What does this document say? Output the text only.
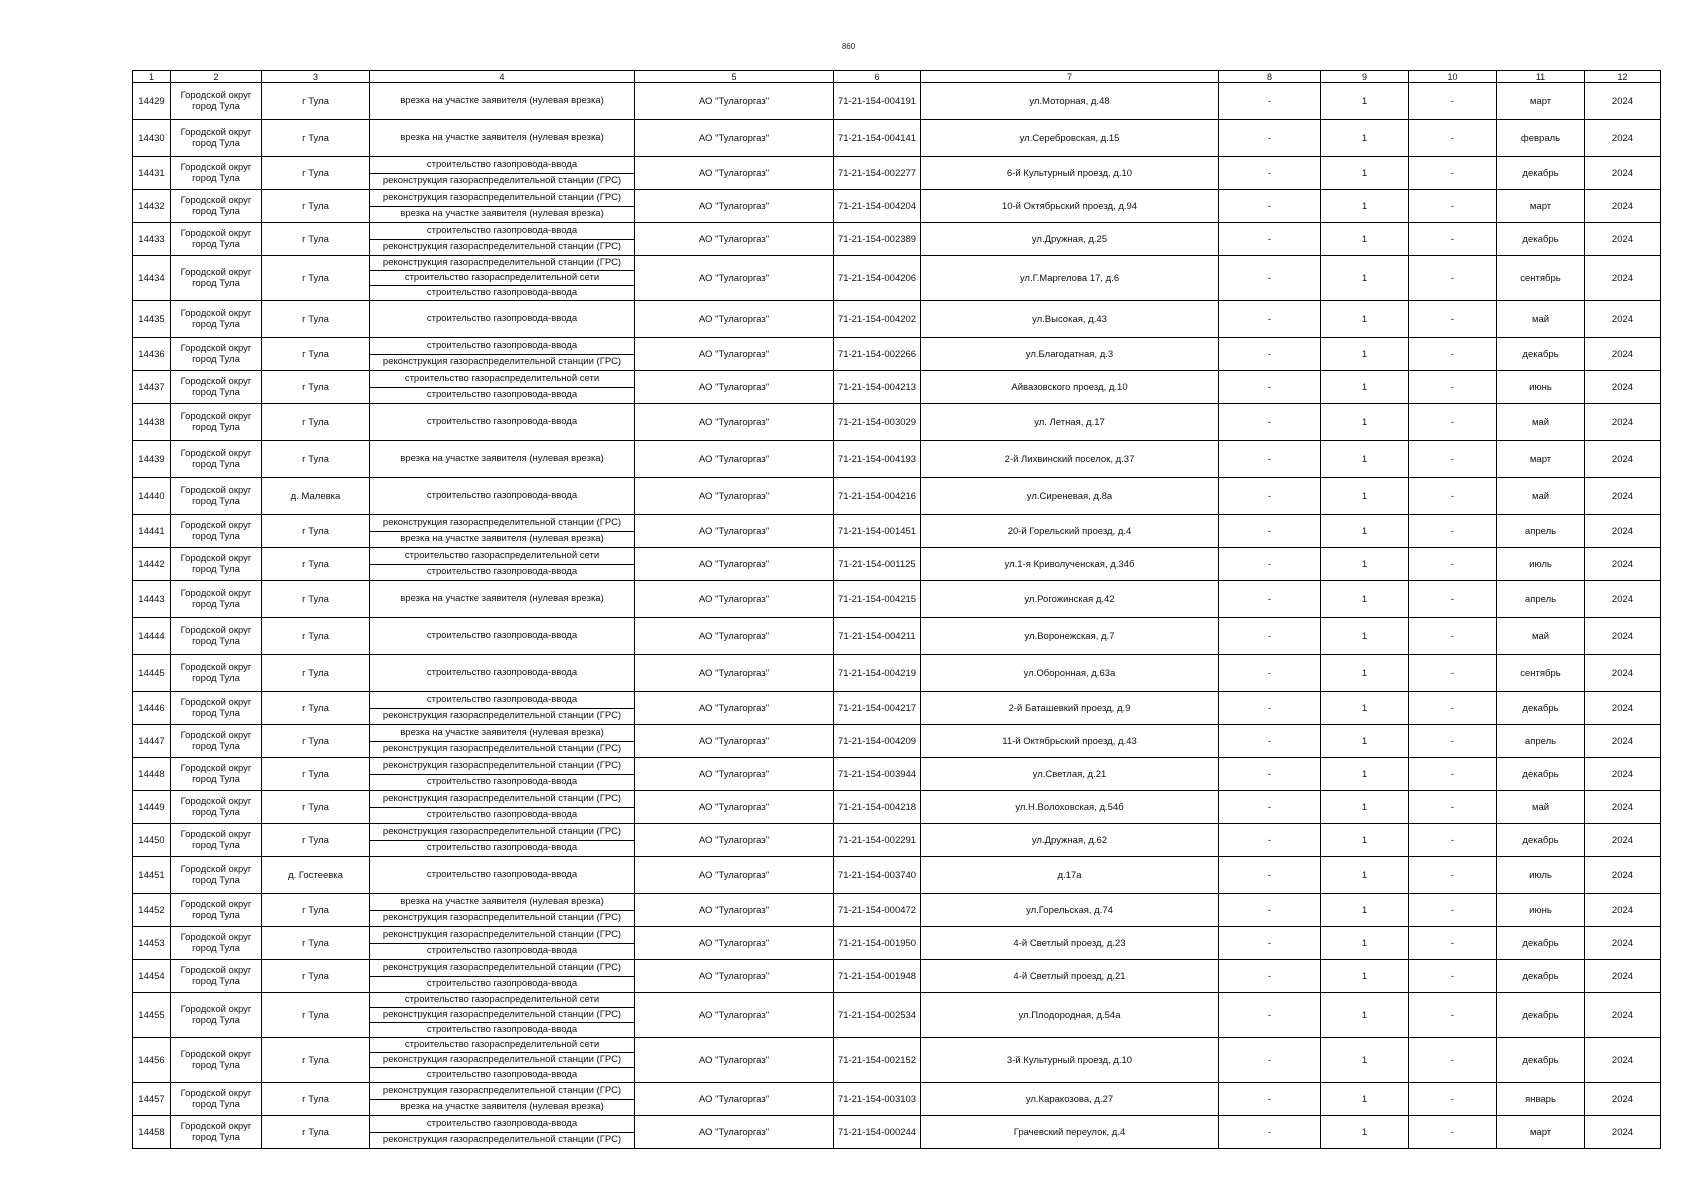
860
1	2	3	4	5	6	7	8	9	10	11	12
14429	Городской округ город Тула	г Тула	врезка на участке заявителя (нулевая врезка)	АО "Тулагоргаз"	71-21-154-004191	ул.Моторная, д.48	-	1	-	март	2024
14430	Городской округ город Тула	г Тула	врезка на участке заявителя (нулевая врезка)	АО "Тулагоргаз"	71-21-154-004141	ул.Серебровская, д.15	-	1	-	февраль	2024
14431	Городской округ город Тула	г Тула	строительство газопровода-ввода
реконструкция газораспределительной станции (ГРС)	АО "Тулагоргаз"	71-21-154-002277	6-й Культурный проезд, д.10	-	1	-	декабрь	2024
14432	Городской округ город Тула	г Тула	реконструкция газораспределительной станции (ГРС)
врезка на участке заявителя (нулевая врезка)	АО "Тулагоргаз"	71-21-154-004204	10-й Октябрьский проезд, д.94	-	1	-	март	2024
14433	Городской округ город Тула	г Тула	строительство газопровода-ввода
реконструкция газораспределительной станции (ГРС)	АО "Тулагоргаз"	71-21-154-002389	ул.Дружная, д.25	-	1	-	декабрь	2024
14434	Городской округ город Тула	г Тула	реконструкция газораспределительной станции (ГРС)
строительство газораспределительной сети
строительство газопровода-ввода	АО "Тулагоргаз"	71-21-154-004206	ул.Г.Маргелова 17, д.6	-	1	-	сентябрь	2024
14435	Городской округ город Тула	г Тула	строительство газопровода-ввода	АО "Тулагоргаз"	71-21-154-004202	ул.Высокая, д.43	-	1	-	май	2024
14436	Городской округ город Тула	г Тула	строительство газопровода-ввода
реконструкция газораспределительной станции (ГРС)	АО "Тулагоргаз"	71-21-154-002266	ул.Благодатная, д.3	-	1	-	декабрь	2024
14437	Городской округ город Тула	г Тула	строительство газораспределительной сети
строительство газопровода-ввода	АО "Тулагоргаз"	71-21-154-004213	Айвазовского проезд, д.10	-	1	-	июнь	2024
14438	Городской округ город Тула	г Тула	строительство газопровода-ввода	АО "Тулагоргаз"	71-21-154-003029	ул. Летная, д.17	-	1	-	май	2024
14439	Городской округ город Тула	г Тула	врезка на участке заявителя (нулевая врезка)	АО "Тулагоргаз"	71-21-154-004193	2-й Лихвинский поселок, д.37	-	1	-	март	2024
14440	Городской округ город Тула	д. Малевка	строительство газопровода-ввода	АО "Тулагоргаз"	71-21-154-004216	ул.Сиреневая, д.8а	-	1	-	май	2024
14441	Городской округ город Тула	г Тула	реконструкция газораспределительной станции (ГРС)
врезка на участке заявителя (нулевая врезка)	АО "Тулагоргаз"	71-21-154-001451	20-й Горельский проезд, д.4	-	1	-	апрель	2024
14442	Городской округ город Тула	г Тула	строительство газораспределительной сети
строительство газопровода-ввода	АО "Тулагоргаз"	71-21-154-001125	ул.1-я Криволученская, д.34б	-	1	-	июль	2024
14443	Городской округ город Тула	г Тула	врезка на участке заявителя (нулевая врезка)	АО "Тулагоргаз"	71-21-154-004215	ул.Рогожинская д.42	-	1	-	апрель	2024
14444	Городской округ город Тула	г Тула	строительство газопровода-ввода	АО "Тулагоргаз"	71-21-154-004211	ул.Воронежская, д.7	-	1	-	май	2024
14445	Городской округ город Тула	г Тула	строительство газопровода-ввода	АО "Тулагоргаз"	71-21-154-004219	ул.Оборонная, д.63а	-	1	-	сентябрь	2024
14446	Городской округ город Тула	г Тула	строительство газопровода-ввода
реконструкция газораспределительной станции (ГРС)	АО "Тулагоргаз"	71-21-154-004217	2-й Баташевкий проезд, д.9	-	1	-	декабрь	2024
14447	Городской округ город Тула	г Тула	врезка на участке заявителя (нулевая врезка)
реконструкция газораспределительной станции (ГРС)	АО "Тулагоргаз"	71-21-154-004209	11-й Октябрьский проезд, д.43	-	1	-	апрель	2024
14448	Городской округ город Тула	г Тула	реконструкция газораспределительной станции (ГРС)
строительство газопровода-ввода	АО "Тулагоргаз"	71-21-154-003944	ул.Светлая, д.21	-	1	-	декабрь	2024
14449	Городской округ город Тула	г Тула	реконструкция газораспределительной станции (ГРС)
строительство газопровода-ввода	АО "Тулагоргаз"	71-21-154-004218	ул.Н.Волоховская, д.54б	-	1	-	май	2024
14450	Городской округ город Тула	г Тула	реконструкция газораспределительной станции (ГРС)
строительство газопровода-ввода	АО "Тулагоргаз"	71-21-154-002291	ул.Дружная, д.62	-	1	-	декабрь	2024
14451	Городской округ город Тула	д. Гостеевка	строительство газопровода-ввода	АО "Тулагоргаз"	71-21-154-003740	д.17а	-	1	-	июль	2024
14452	Городской округ город Тула	г Тула	врезка на участке заявителя (нулевая врезка)
реконструкция газораспределительной станции (ГРС)	АО "Тулагоргаз"	71-21-154-000472	ул.Горельская, д.74	-	1	-	июнь	2024
14453	Городской округ город Тула	г Тула	реконструкция газораспределительной станции (ГРС)
строительство газопровода-ввода	АО "Тулагоргаз"	71-21-154-001950	4-й Светлый проезд, д.23	-	1	-	декабрь	2024
14454	Городской округ город Тула	г Тула	реконструкция газораспределительной станции (ГРС)
строительство газопровода-ввода	АО "Тулагоргаз"	71-21-154-001948	4-й Светлый проезд, д.21	-	1	-	декабрь	2024
14455	Городской округ город Тула	г Тула	строительство газораспределительной сети
реконструкция газораспределительной станции (ГРС)
строительство газопровода-ввода	АО "Тулагоргаз"	71-21-154-002534	ул.Плодородная, д.54а	-	1	-	декабрь	2024
14456	Городской округ город Тула	г Тула	строительство газораспределительной сети
реконструкция газораспределительной станции (ГРС)
строительство газопровода-ввода	АО "Тулагоргаз"	71-21-154-002152	3-й Культурный проезд, д.10	-	1	-	декабрь	2024
14457	Городской округ город Тула	г Тула	реконструкция газораспределительной станции (ГРС)
врезка на участке заявителя (нулевая врезка)	АО "Тулагоргаз"	71-21-154-003103	ул.Каракозова, д.27	-	1	-	январь	2024
14458	Городской округ город Тула	г Тула	строительство газопровода-ввода
реконструкция газораспределительной станции (ГРС)	АО "Тулагоргаз"	71-21-154-000244	Грачевский переулок, д.4	-	1	-	март	2024
